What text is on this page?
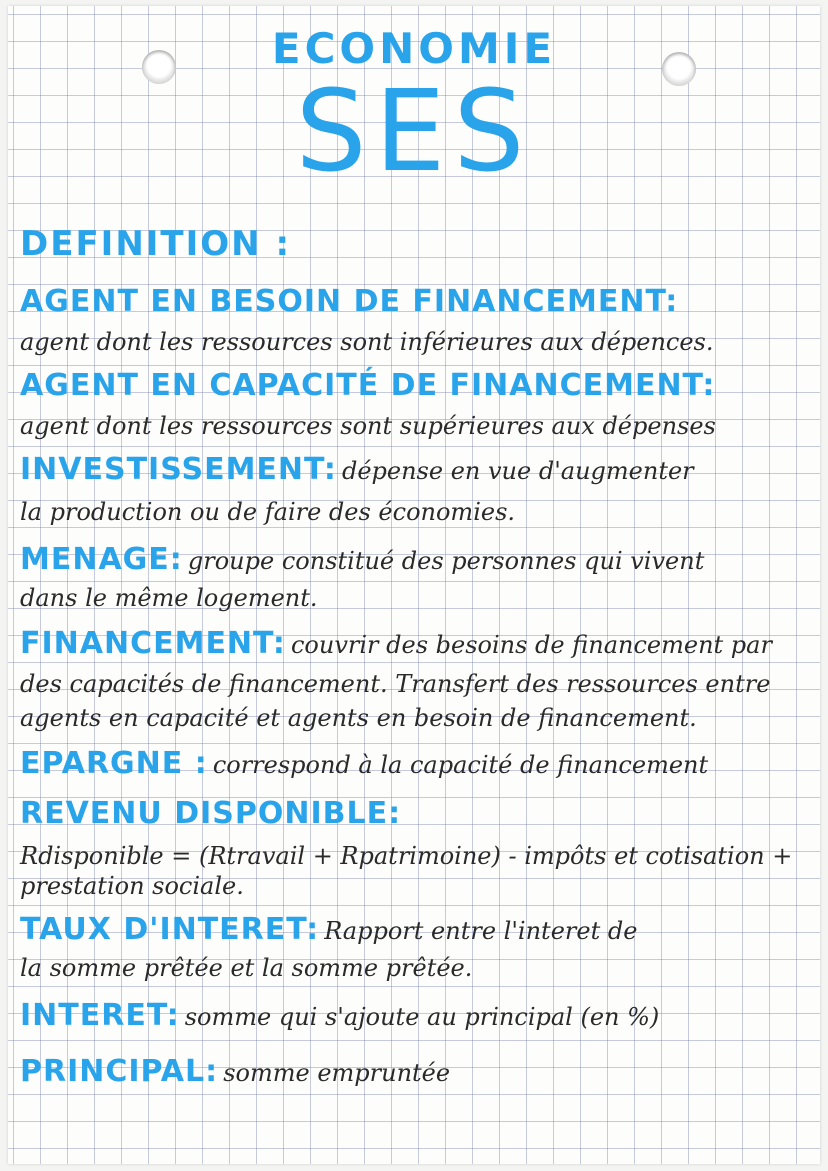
ECONOMIE
SES
DEFINITION :
AGENT EN BESOIN DE FINANCEMENT:
agent dont les ressources sont inférieures aux dépences.
AGENT EN CAPACITÉ DE FINANCEMENT:
agent dont les ressources sont supérieures aux dépenses
INVESTISSEMENT: dépense en vue d'augmenter
la production ou de faire des économies.
MENAGE: groupe constitué des personnes qui vivent
dans le même logement.
FINANCEMENT: couvrir des besoins de financement par
des capacités de financement. Transfert des ressources entre
agents en capacité et agents en besoin de financement.
EPARGNE : correspond à la capacité de financement
REVENU DISPONIBLE:
Rdisponible = (Rtravail + Rpatrimoine) - impôts et cotisation +
prestation sociale.
TAUX D'INTERET: Rapport entre l'interet de
la somme prêtée et la somme prêtée.
INTERET: somme qui s'ajoute au principal (en %)
PRINCIPAL: somme empruntée
